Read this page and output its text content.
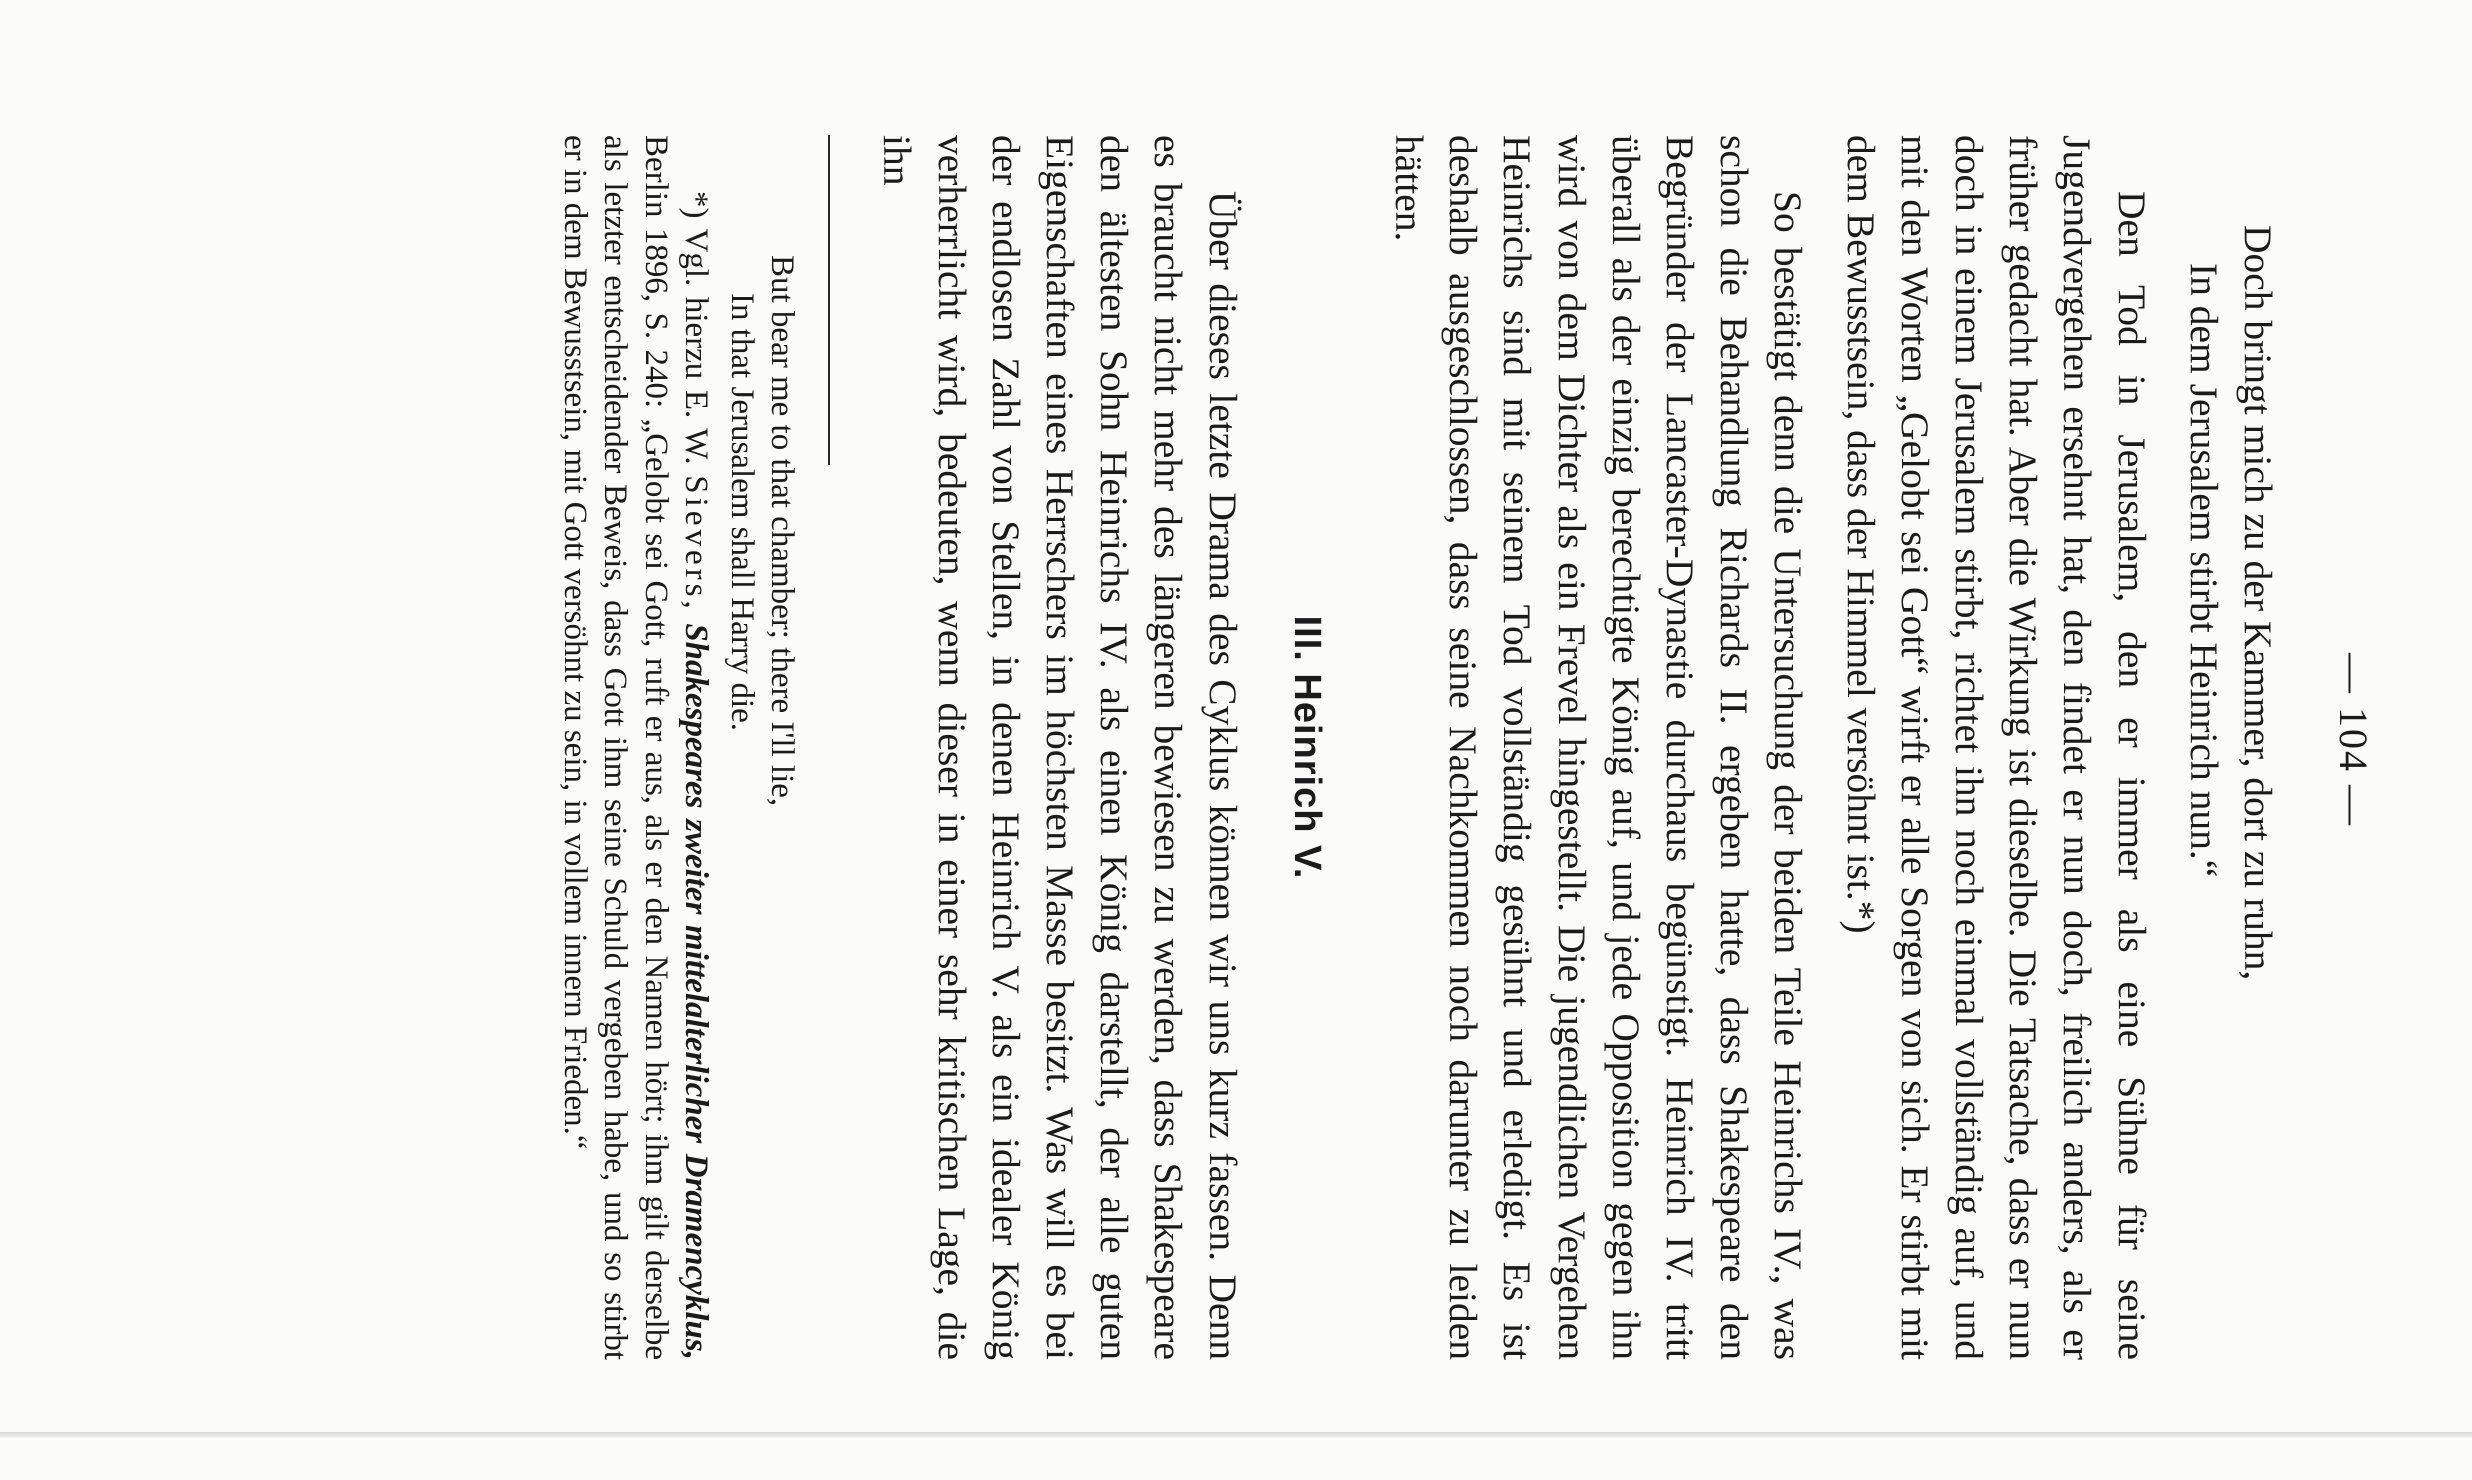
— 104 —
Doch bringt mich zu der Kammer, dort zu ruhn,
In dem Jerusalem stirbt Heinrich nun.“

Den Tod in Jerusalem, den er immer als eine Sühne für seine Jugendvergehen ersehnt hat, den findet er nun doch, freilich anders, als er früher gedacht hat. Aber die Wirkung ist dieselbe. Die Tatsache, dass er nun doch in einem Jerusalem stirbt, richtet ihn noch einmal vollständig auf, und mit den Worten „Gelobt sei Gott“ wirft er alle Sorgen von sich. Er stirbt mit dem Bewusstsein, dass der Himmel versöhnt ist.*)

So bestätigt denn die Untersuchung der beiden Teile Heinrichs IV., was schon die Behandlung Richards II. ergeben hatte, dass Shakespeare den Begründer der Lancaster-Dynastie durchaus begünstigt. Heinrich IV. tritt überall als der einzig berechtigte König auf, und jede Opposition gegen ihn wird von dem Dichter als ein Frevel hingestellt. Die jugendlichen Vergehen Heinrichs sind mit seinem Tod vollständig gesühnt und erledigt. Es ist deshalb ausgeschlossen, dass seine Nachkommen noch darunter zu leiden hätten.

III. Heinrich V.

Über dieses letzte Drama des Cyklus können wir uns kurz fassen. Denn es braucht nicht mehr des längeren bewiesen zu werden, dass Shakespeare den ältesten Sohn Heinrichs IV. als einen König darstellt, der alle guten Eigenschaften eines Herrschers im höchsten Masse besitzt. Was will es bei der endlosen Zahl von Stellen, in denen Heinrich V. als ein idealer König verherrlicht wird, bedeuten, wenn dieser in einer sehr kritischen Lage, die ihn

But bear me to that chamber; there I'll lie,
In that Jerusalem shall Harry die.

*) Vgl. hierzu E. W. Sievers, Shakespeares zweiter mittelalterlicher Dramencyklus, Berlin 1896, S. 240: „Gelobt sei Gott, ruft er aus, als er den Namen hört; ihm gilt derselbe als letzter entscheidender Beweis, dass Gott ihm seine Schuld vergeben habe, und so stirbt er in dem Bewusstsein, mit Gott versöhnt zu sein, in vollem innern Frieden.“
